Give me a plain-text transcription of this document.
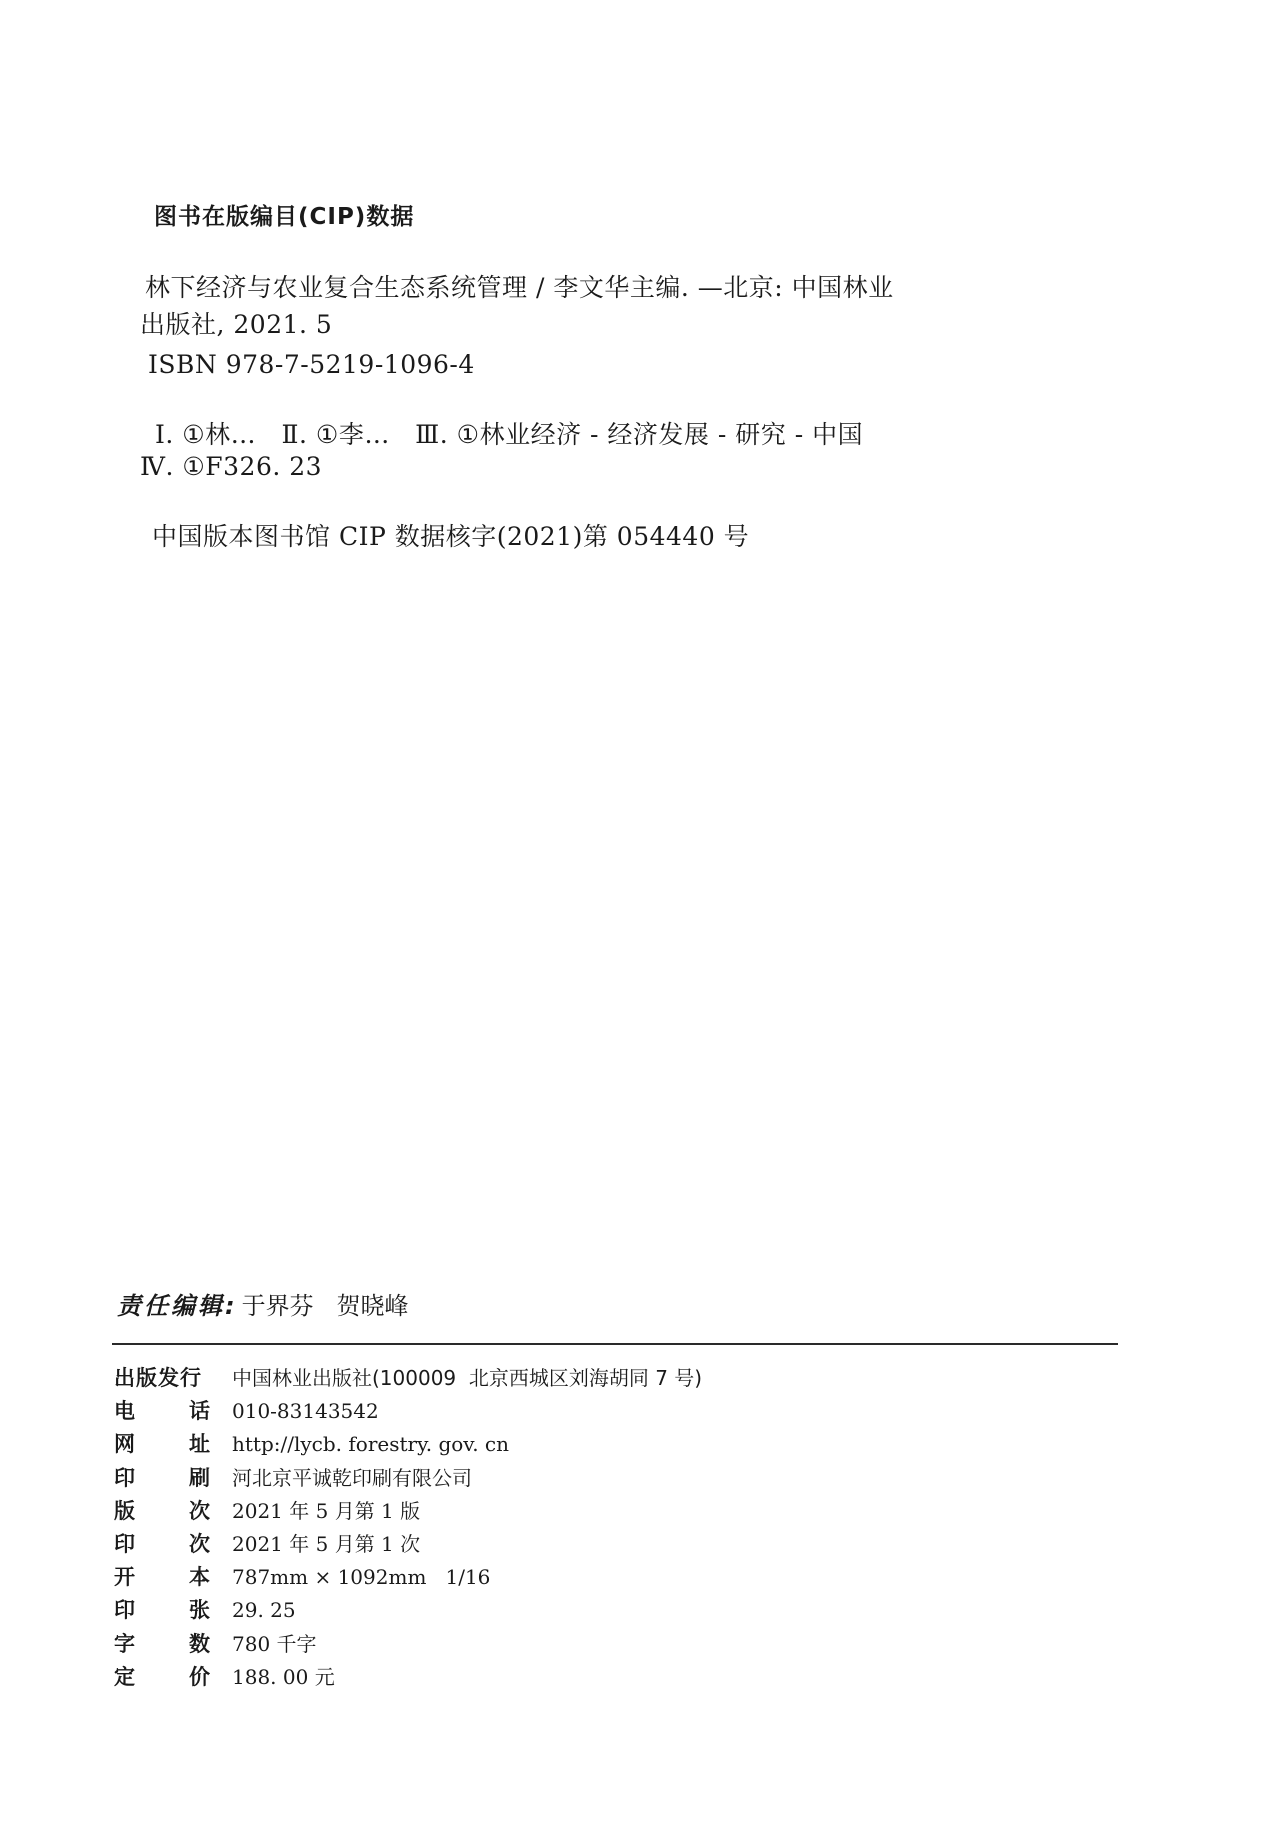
图书在版编目(CIP)数据
林下经济与农业复合生态系统管理 / 李文华主编. —北京: 中国林业
出版社, 2021. 5
ISBN 978-7-5219-1096-4
Ⅰ. ①林…   Ⅱ. ①李…   Ⅲ. ①林业经济 - 经济发展 - 研究 - 中国
Ⅳ. ①F326. 23
中国版本图书馆 CIP 数据核字(2021)第 054440 号
责任编辑: 于界芬   贺晓峰
出版发行	中国林业出版社(100009  北京西城区刘海胡同 7 号)
电	话 010-83143542
网	址 http://lycb. forestry. gov. cn
印	刷 河北京平诚乾印刷有限公司
版	次 2021 年 5 月第 1 版
印	次 2021 年 5 月第 1 次
开	本 787mm × 1092mm   1/16
印	张 29. 25
字	数 780 千字
定	价 188. 00 元
